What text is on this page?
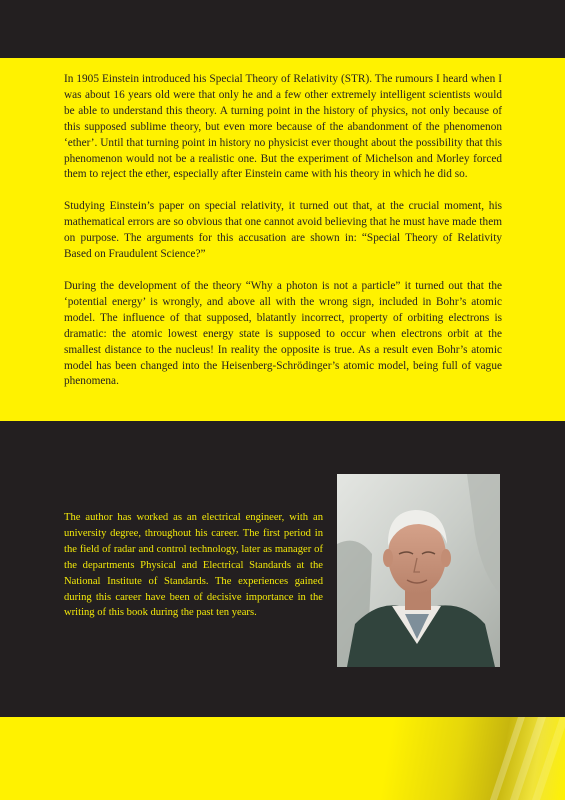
In 1905 Einstein introduced his Special Theory of Relativity (STR). The rumours I heard when I was about 16 years old were that only he and a few other extremely intelligent scientists would be able to understand this theory. A turning point in the history of physics, not only because of this supposed sublime theory, but even more because of the abandonment of the phenomenon ‘ether’. Until that turning point in history no physicist ever thought about the possibility that this phenomenon would not be a realistic one. But the experiment of Michelson and Morley forced them to reject the ether, especially after Einstein came with his theory in which he did so.

Studying Einstein’s paper on special relativity, it turned out that, at the crucial moment, his mathematical errors are so obvious that one cannot avoid believing that he must have made them on purpose. The arguments for this accusation are shown in: “Special Theory of Relativity Based on Fraudulent Science?”

During the development of the theory “Why a photon is not a particle” it turned out that the ‘potential energy’ is wrongly, and above all with the wrong sign, included in Bohr’s atomic model. The influence of that supposed, blatantly incorrect, property of orbiting electrons is dramatic: the atomic lowest energy state is supposed to occur when electrons orbit at the smallest distance to the nucleus! In reality the opposite is true. As a result even Bohr’s atomic model has been changed into the Heisenberg-Schrödinger’s atomic model, being full of vague phenomena.

The author has worked as an electrical engineer, with an university degree, throughout his career. The first period in the field of radar and control technology, later as manager of the departments Physical and Electrical Standards at the National Institute of Standards. The experiences gained during this career have been of decisive importance in the writing of this book during the past ten years.
